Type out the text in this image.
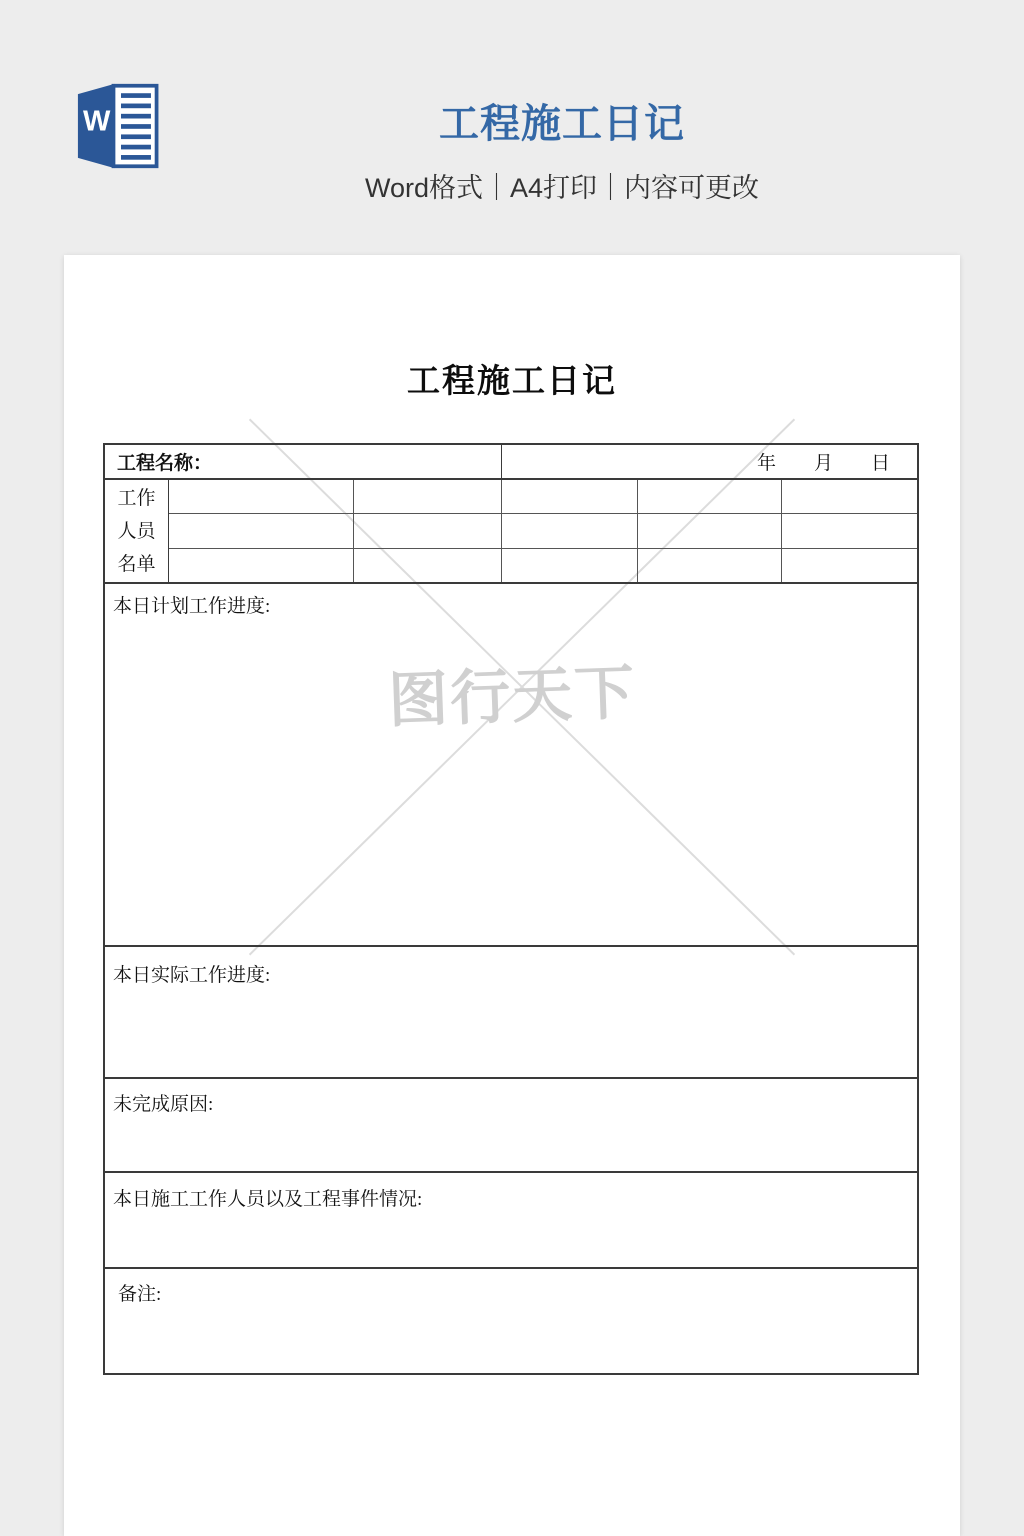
W	工程施工日记
Word格式｜A4打印｜内容可更改
图行天下
工程施工日记
工程名称：	年 月 日
工作
人员
名单
本日计划工作进度:
本日实际工作进度:
未完成原因:
本日施工工作人员以及工程事件情况:
备注:
